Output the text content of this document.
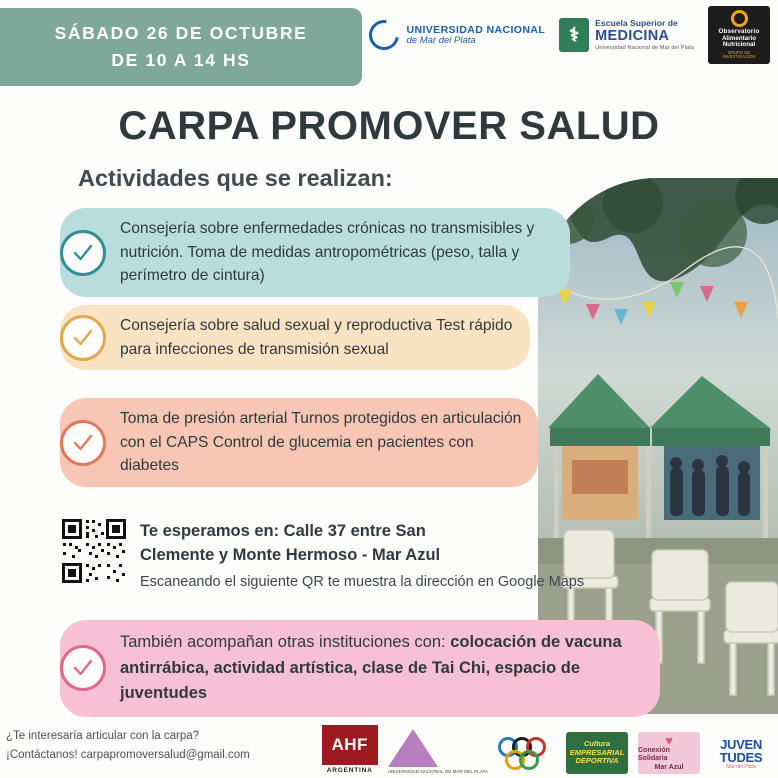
SÁBADO 26 DE OCTUBRE
DE 10 A 14 HS
UNIVERSIDAD NACIONAL
de Mar del Plata	⚕
Escuela Superior de
MEDICINA
Universidad Nacional de Mar del Plata
Observatorio
Alimentario
Nutricional
GRUPO DE INVESTIGACIÓN
CARPA PROMOVER SALUD
Actividades que se realizan:
Consejería sobre enfermedades crónicas no transmisibles y nutrición. Toma de medidas antropométricas (peso, talla y perímetro de cintura)
Consejería sobre salud sexual y reproductiva Test rápido para infecciones de transmisión sexual
Toma de presión arterial Turnos protegidos en articulación con el CAPS Control de glucemia en pacientes con diabetes
Te esperamos en: Calle 37 entre San Clemente y Monte Hermoso - Mar Azul
Escaneando el siguiente QR te muestra la dirección en Google Maps
También acompañan otras instituciones con: colocación de vacuna antirrábica, actividad artística, clase de Tai Chi, espacio de juventudes
¿Te interesaría articular con la carpa?
¡Contáctanos! carpapromoversalud@gmail.com
AHF
ARGENTINA	UNIVERSIDAD NACIONAL DE MAR DEL PLATA
Cultura
EMPRESARIAL
DEPORTIVA
♥
Conexión Solidaria
Mar Azul
JUVEN
TUDES
Mar del Plata
